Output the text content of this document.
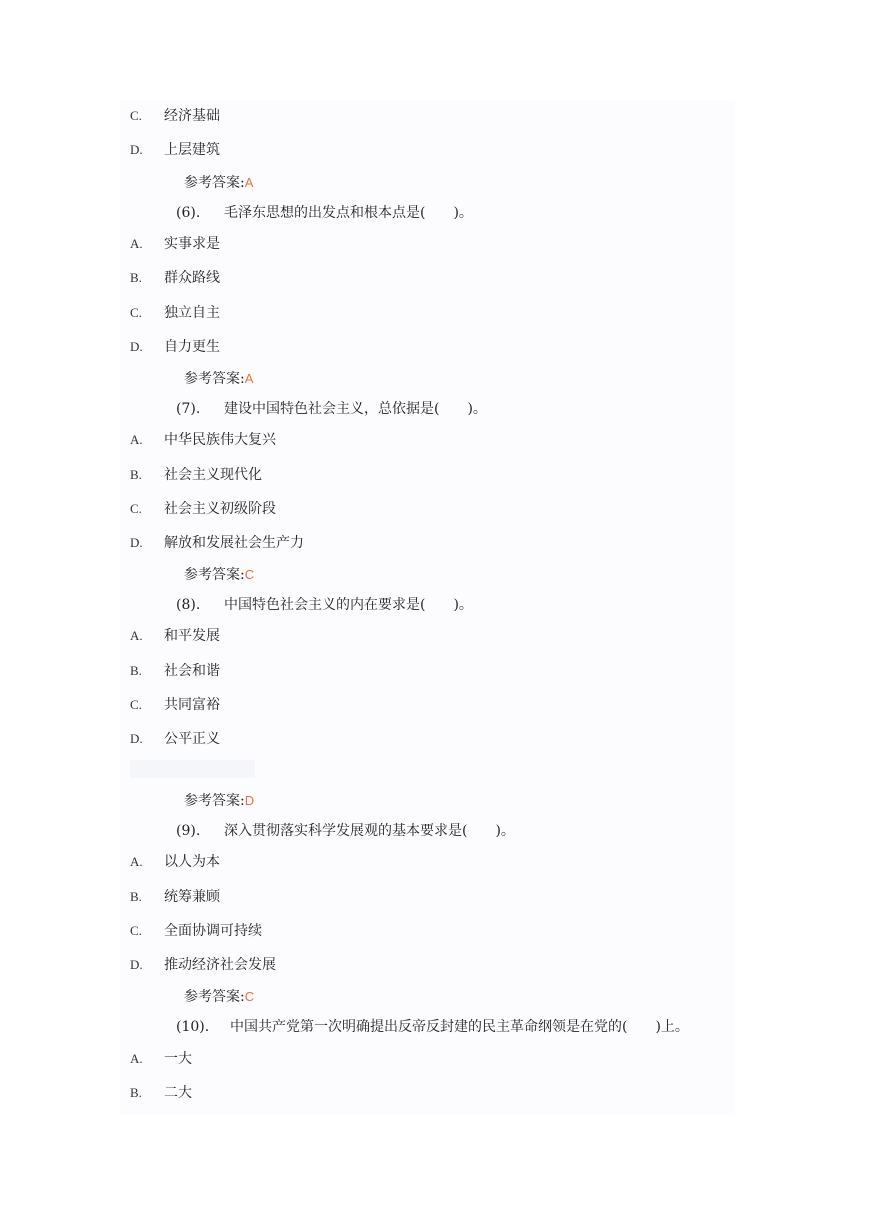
C. 经济基础
D. 上层建筑
参考答案:A
(6). 毛泽东思想的出发点和根本点是(　　)。
A. 实事求是
B. 群众路线
C. 独立自主
D. 自力更生
参考答案:A
(7). 建设中国特色社会主义，总依据是(　　)。
A. 中华民族伟大复兴
B. 社会主义现代化
C. 社会主义初级阶段
D. 解放和发展社会生产力
参考答案:C
(8). 中国特色社会主义的内在要求是(　　)。
A. 和平发展
B. 社会和谐
C. 共同富裕
D. 公平正义
参考答案:D
(9). 深入贯彻落实科学发展观的基本要求是(　　)。
A. 以人为本
B. 统筹兼顾
C. 全面协调可持续
D. 推动经济社会发展
参考答案:C
(10). 中国共产党第一次明确提出反帝反封建的民主革命纲领是在党的(　　)上。
A. 一大
B. 二大
